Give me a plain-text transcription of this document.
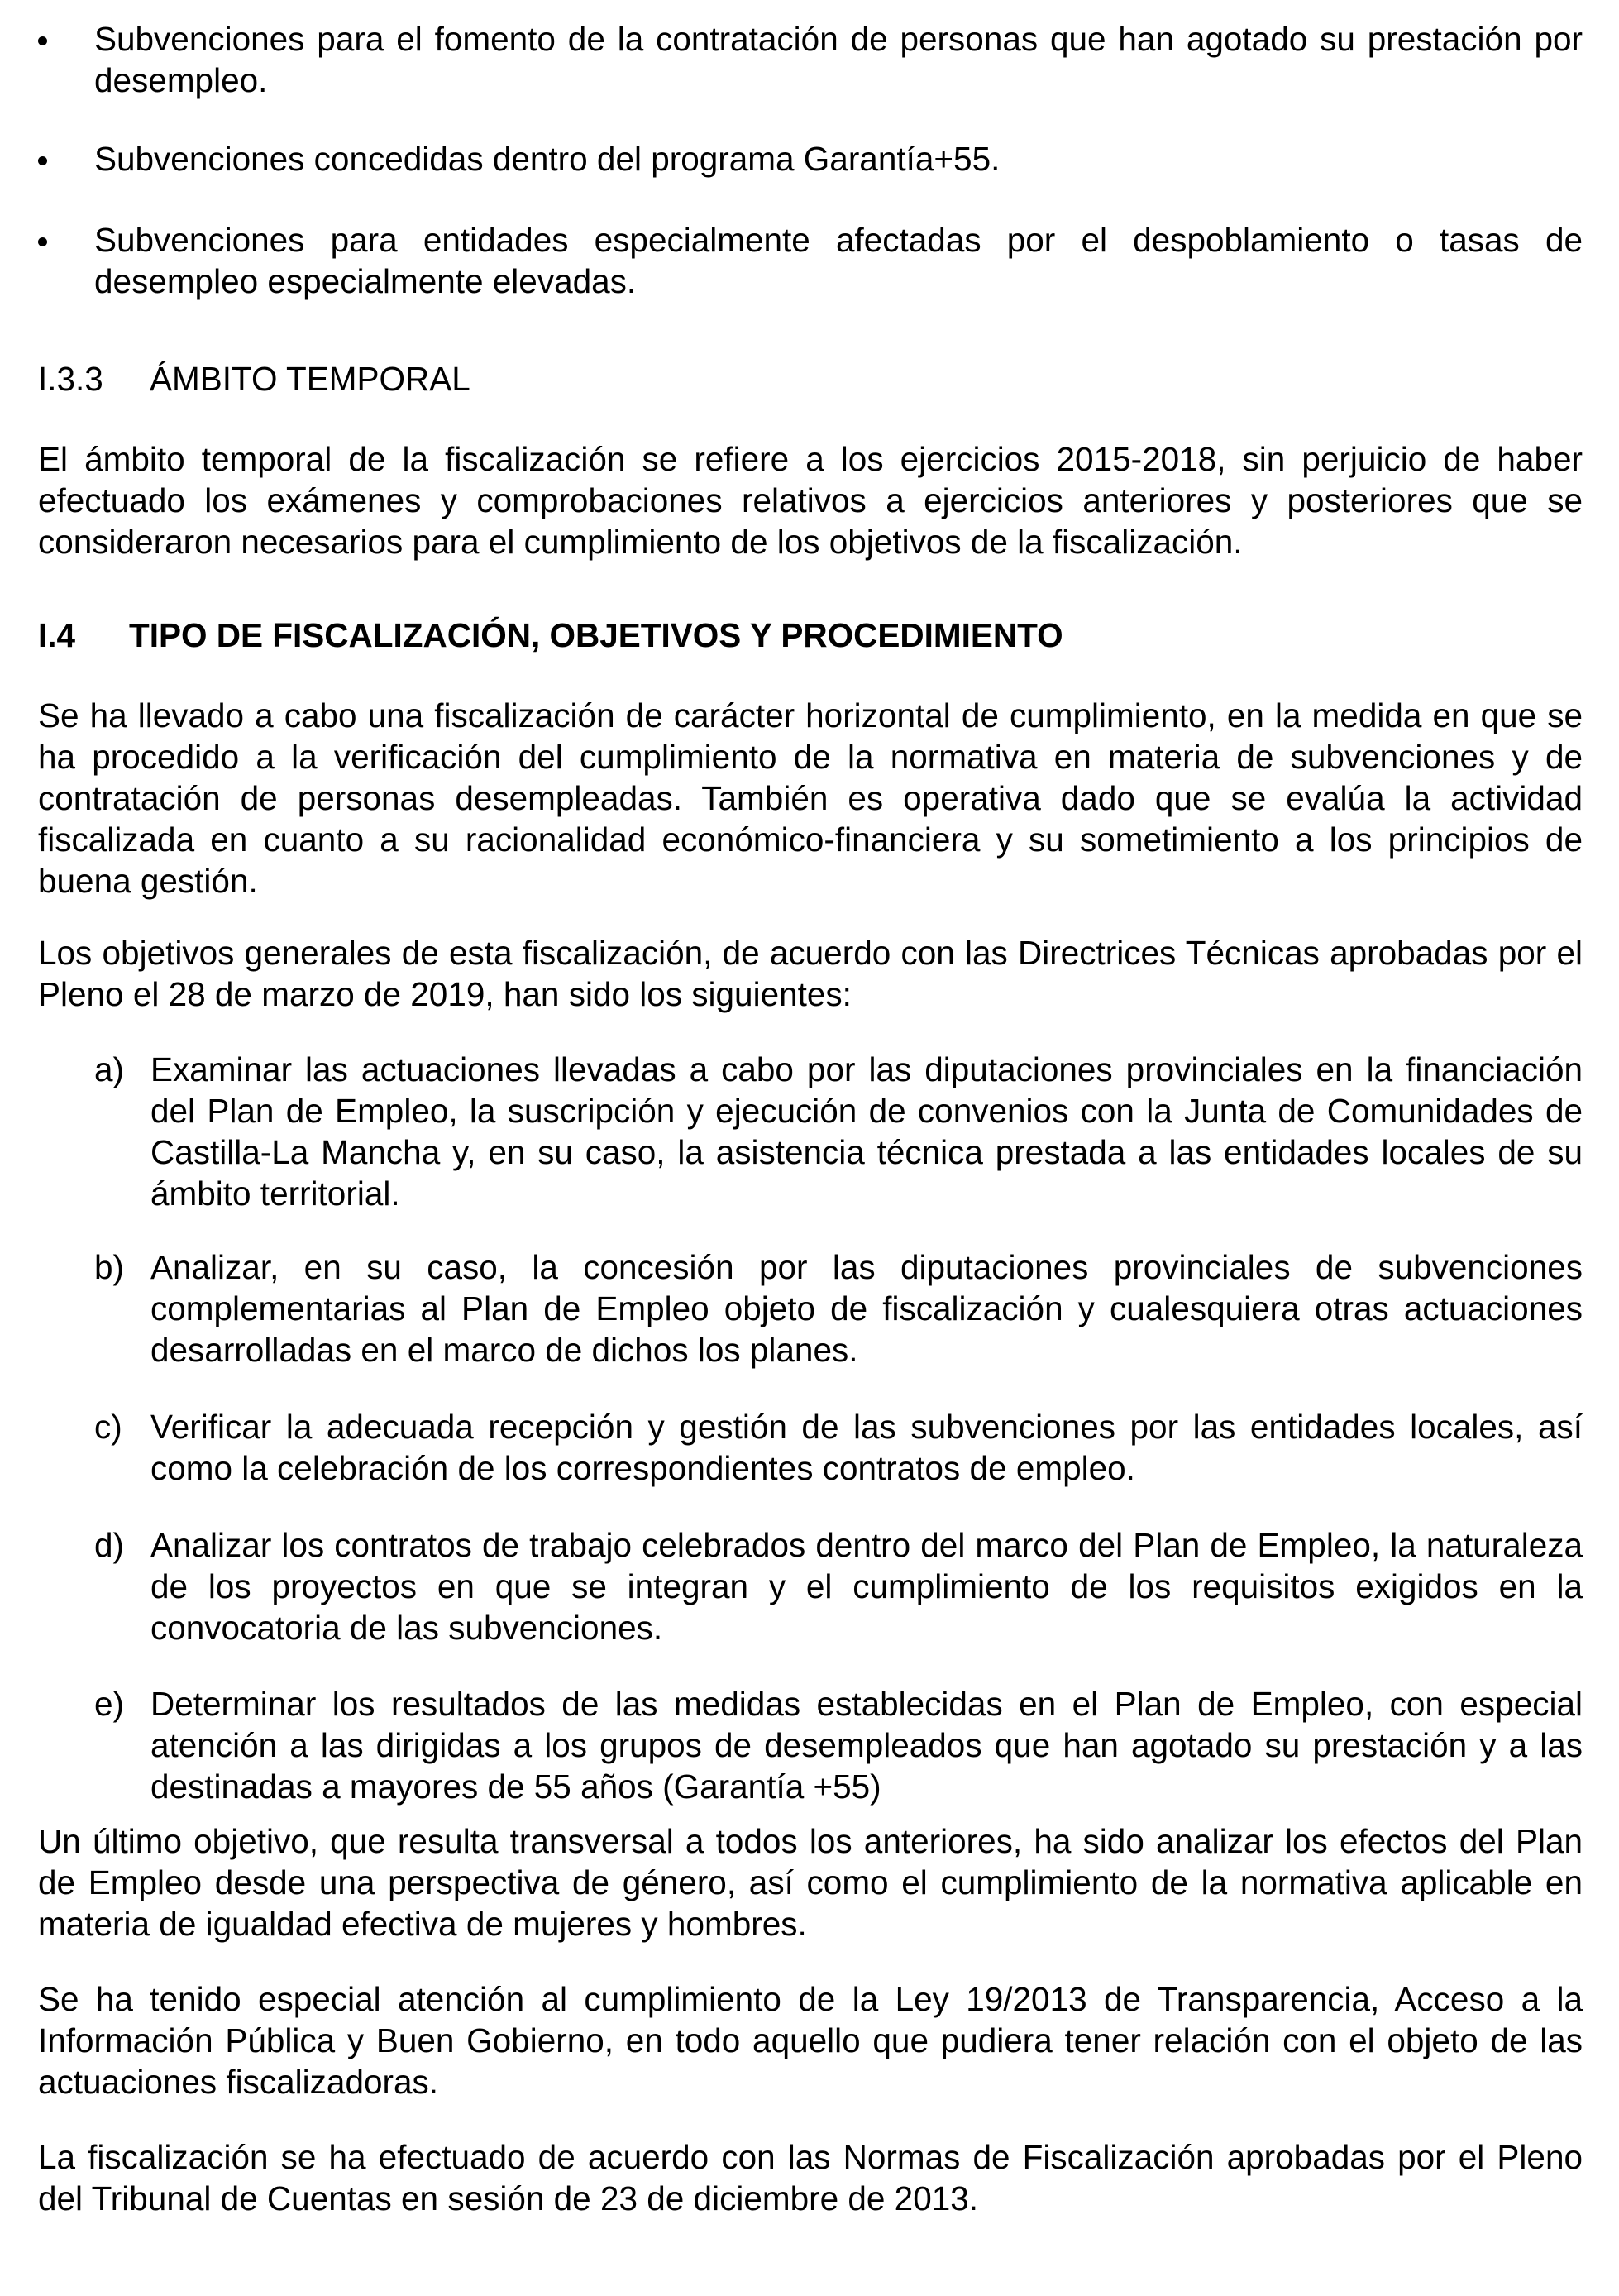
Subvenciones para el fomento de la contratación de personas que han agotado su prestación por desempleo.
Subvenciones concedidas dentro del programa Garantía+55.
Subvenciones para entidades especialmente afectadas por el despoblamiento o tasas de desempleo especialmente elevadas.
I.3.3 ÁMBITO TEMPORAL

El ámbito temporal de la fiscalización se refiere a los ejercicios 2015-2018, sin perjuicio de haber efectuado los exámenes y comprobaciones relativos a ejercicios anteriores y posteriores que se consideraron necesarios para el cumplimiento de los objetivos de la fiscalización.

I.4 TIPO DE FISCALIZACIÓN, OBJETIVOS Y PROCEDIMIENTO

Se ha llevado a cabo una fiscalización de carácter horizontal de cumplimiento, en la medida en que se ha procedido a la verificación del cumplimiento de la normativa en materia de subvenciones y de contratación de personas desempleadas. También es operativa dado que se evalúa la actividad fiscalizada en cuanto a su racionalidad económico-financiera y su sometimiento a los principios de buena gestión.

Los objetivos generales de esta fiscalización, de acuerdo con las Directrices Técnicas aprobadas por el Pleno el 28 de marzo de 2019, han sido los siguientes:

a) Examinar las actuaciones llevadas a cabo por las diputaciones provinciales en la financiación del Plan de Empleo, la suscripción y ejecución de convenios con la Junta de Comunidades de Castilla-La Mancha y, en su caso, la asistencia técnica prestada a las entidades locales de su ámbito territorial.
b) Analizar, en su caso, la concesión por las diputaciones provinciales de subvenciones complementarias al Plan de Empleo objeto de fiscalización y cualesquiera otras actuaciones desarrolladas en el marco de dichos los planes.
c) Verificar la adecuada recepción y gestión de las subvenciones por las entidades locales, así como la celebración de los correspondientes contratos de empleo.
d) Analizar los contratos de trabajo celebrados dentro del marco del Plan de Empleo, la naturaleza de los proyectos en que se integran y el cumplimiento de los requisitos exigidos en la convocatoria de las subvenciones.
e) Determinar los resultados de las medidas establecidas en el Plan de Empleo, con especial atención a las dirigidas a los grupos de desempleados que han agotado su prestación y a las destinadas a mayores de 55 años (Garantía +55)

Un último objetivo, que resulta transversal a todos los anteriores, ha sido analizar los efectos del Plan de Empleo desde una perspectiva de género, así como el cumplimiento de la normativa aplicable en materia de igualdad efectiva de mujeres y hombres.

Se ha tenido especial atención al cumplimiento de la Ley 19/2013 de Transparencia, Acceso a la Información Pública y Buen Gobierno, en todo aquello que pudiera tener relación con el objeto de las actuaciones fiscalizadoras.

La fiscalización se ha efectuado de acuerdo con las Normas de Fiscalización aprobadas por el Pleno del Tribunal de Cuentas en sesión de 23 de diciembre de 2013.
